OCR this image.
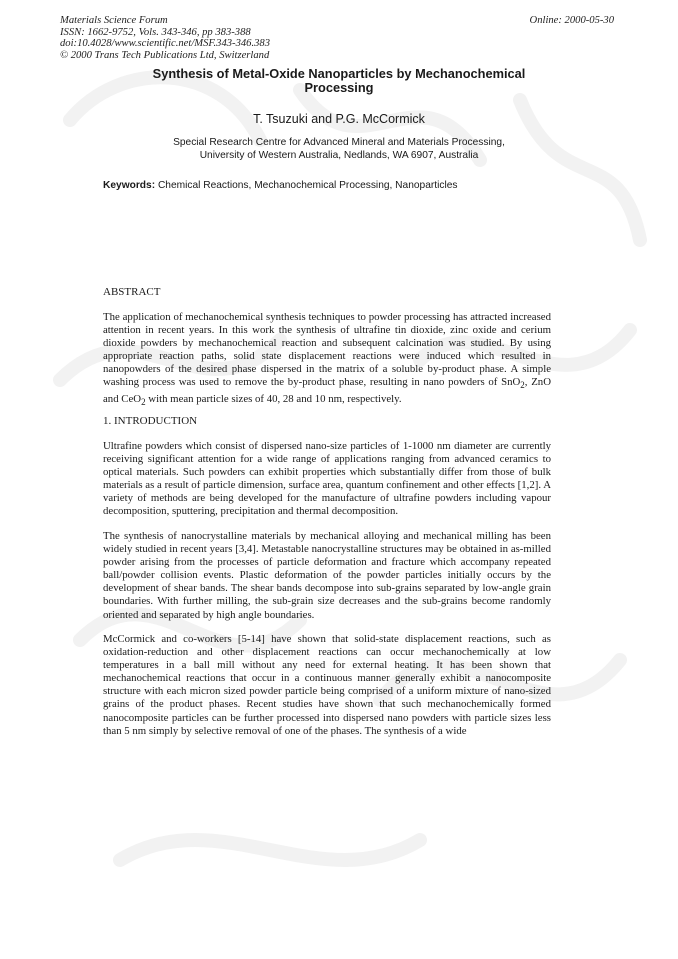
Materials Science Forum
ISSN: 1662-9752, Vols. 343-346, pp 383-388
doi:10.4028/www.scientific.net/MSF.343-346.383
© 2000 Trans Tech Publications Ltd, Switzerland
Online: 2000-05-30
Synthesis of Metal-Oxide Nanoparticles by Mechanochemical
Processing
T. Tsuzuki and P.G. McCormick
Special Research Centre for Advanced Mineral and Materials Processing,
University of Western Australia, Nedlands, WA 6907, Australia
Keywords: Chemical Reactions, Mechanochemical Processing, Nanoparticles
ABSTRACT

The application of mechanochemical synthesis techniques to powder processing has attracted increased attention in recent years. In this work the synthesis of ultrafine tin dioxide, zinc oxide and cerium dioxide powders by mechanochemical reaction and subsequent calcination was studied. By using appropriate reaction paths, solid state displacement reactions were induced which resulted in nanopowders of the desired phase dispersed in the matrix of a soluble by-product phase. A simple washing process was used to remove the by-product phase, resulting in nano powders of SnO$_2$, ZnO and CeO$_2$ with mean particle sizes of 40, 28 and 10 nm, respectively.

1. INTRODUCTION

Ultrafine powders which consist of dispersed nano-size particles of 1-1000 nm diameter are currently receiving significant attention for a wide range of applications ranging from advanced ceramics to optical materials. Such powders can exhibit properties which substantially differ from those of bulk materials as a result of particle dimension, surface area, quantum confinement and other effects [1,2]. A variety of methods are being developed for the manufacture of ultrafine powders including vapour decomposition, sputtering, precipitation and thermal decomposition.

The synthesis of nanocrystalline materials by mechanical alloying and mechanical milling has been widely studied in recent years [3,4]. Metastable nanocrystalline structures may be obtained in as-milled powder arising from the processes of particle deformation and fracture which accompany repeated ball/powder collision events. Plastic deformation of the powder particles initially occurs by the development of shear bands. The shear bands decompose into sub-grains separated by low-angle grain boundaries. With further milling, the sub-grain size decreases and the sub-grains become randomly oriented and separated by high angle boundaries.

McCormick and co-workers [5-14] have shown that solid-state displacement reactions, such as oxidation-reduction and other displacement reactions can occur mechanochemically at low temperatures in a ball mill without any need for external heating. It has been shown that mechanochemical reactions that occur in a continuous manner generally exhibit a nanocomposite structure with each micron sized powder particle being comprised of a uniform mixture of nano-sized grains of the product phases. Recent studies have shown that such mechanochemically formed nanocomposite particles can be further processed into dispersed nano powders with particle sizes less than 5 nm simply by selective removal of one of the phases. The synthesis of a wide
